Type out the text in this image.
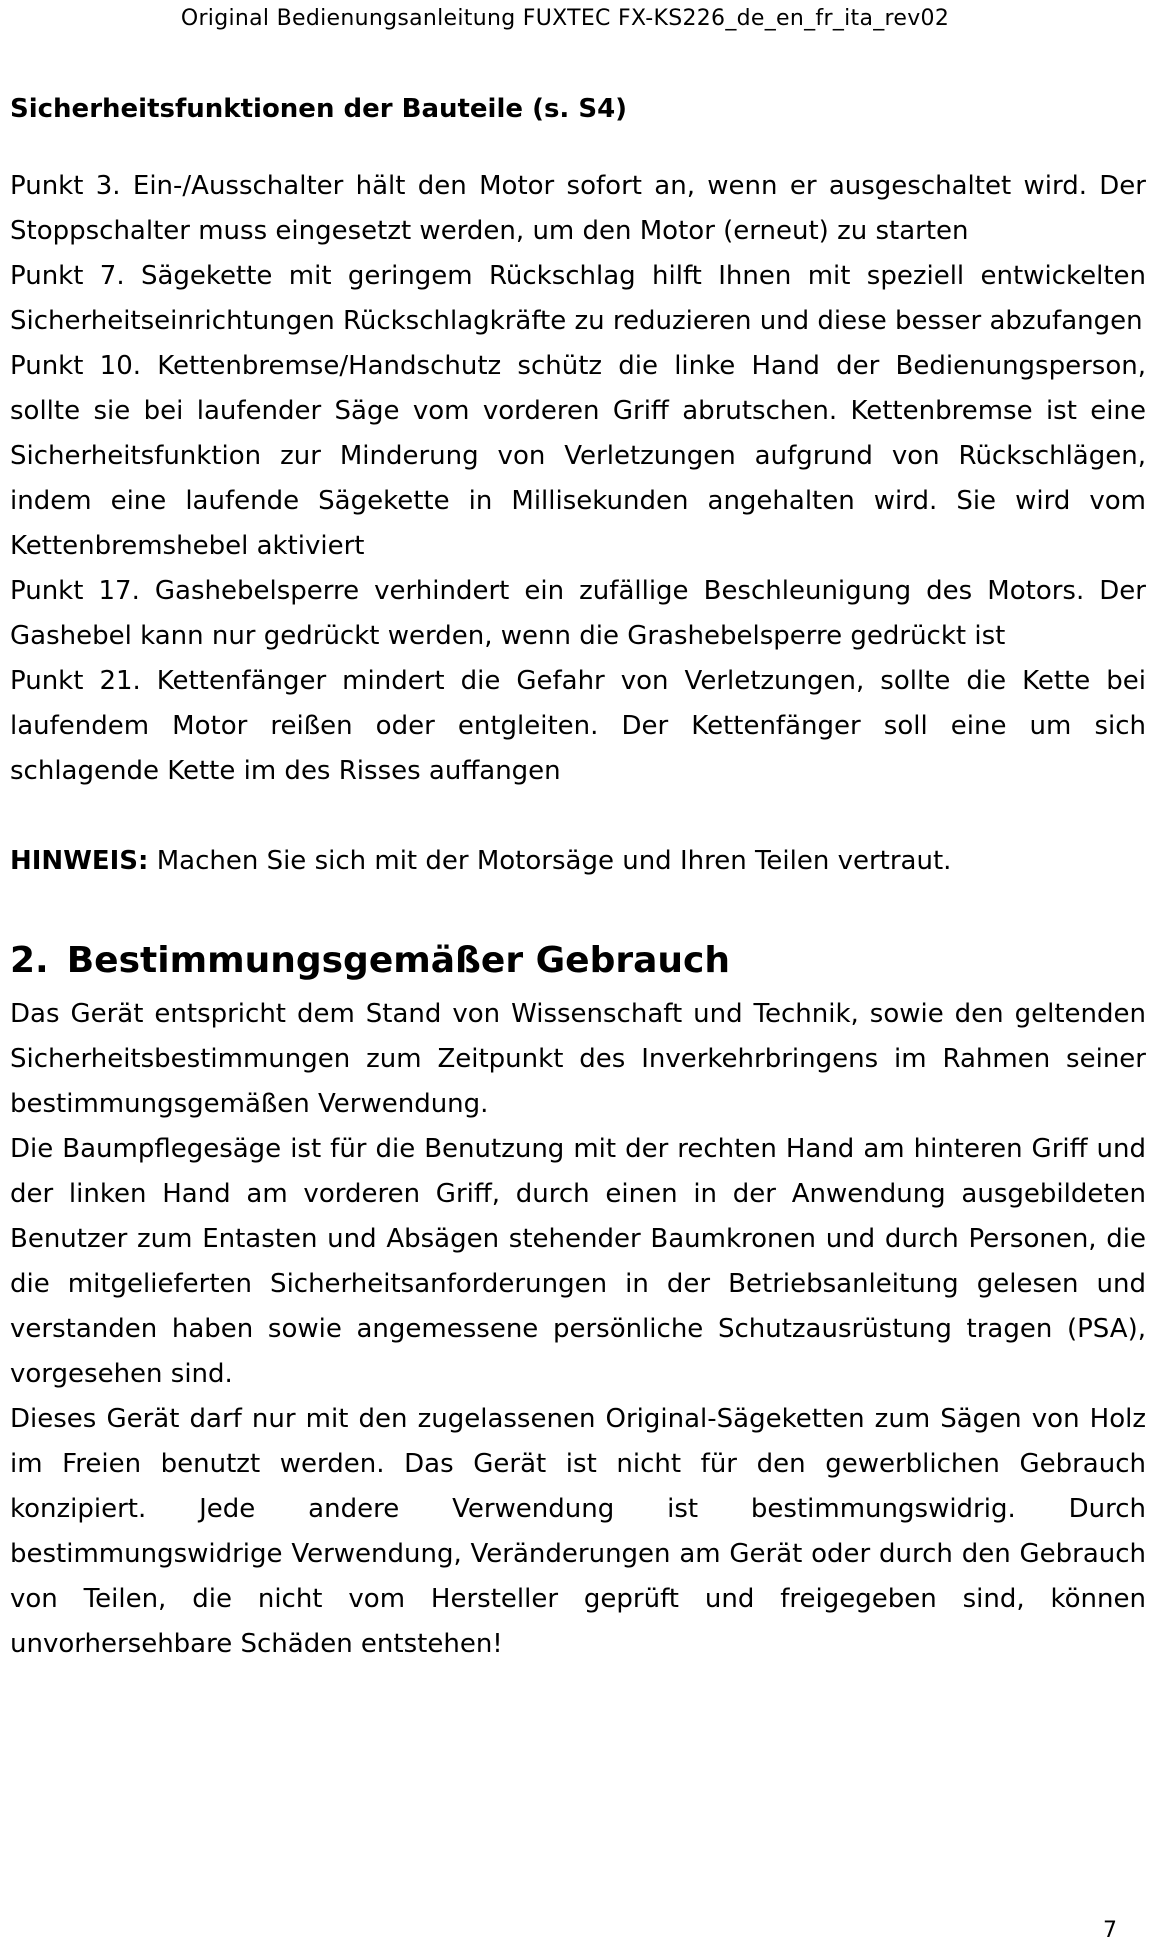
Original Bedienungsanleitung FUXTEC FX-KS226_de_en_fr_ita_rev02
Sicherheitsfunktionen der Bauteile (s. S4)

Punkt 3. Ein-/Ausschalter hält den Motor sofort an, wenn er ausgeschaltet wird. Der Stoppschalter muss eingesetzt werden, um den Motor (erneut) zu starten

Punkt 7. Sägekette mit geringem Rückschlag hilft Ihnen mit speziell entwickelten Sicherheitseinrichtungen Rückschlagkräfte zu reduzieren und diese besser abzufangen

Punkt 10. Kettenbremse/Handschutz schütz die linke Hand der Bedienungsperson, sollte sie bei laufender Säge vom vorderen Griff abrutschen. Kettenbremse ist eine Sicherheitsfunktion zur Minderung von Verletzungen aufgrund von Rückschlägen, indem eine laufende Sägekette in Millisekunden angehalten wird. Sie wird vom Kettenbremshebel aktiviert

Punkt 17. Gashebelsperre verhindert ein zufällige Beschleunigung des Motors. Der Gashebel kann nur gedrückt werden, wenn die Grashebelsperre gedrückt ist

Punkt 21. Kettenfänger mindert die Gefahr von Verletzungen, sollte die Kette bei laufendem Motor reißen oder entgleiten. Der Kettenfänger soll eine um sich schlagende Kette im des Risses auffangen

HINWEIS: Machen Sie sich mit der Motorsäge und Ihren Teilen vertraut.

2. Bestimmungsgemäßer Gebrauch

Das Gerät entspricht dem Stand von Wissenschaft und Technik, sowie den geltenden Sicherheitsbestimmungen zum Zeitpunkt des Inverkehrbringens im Rahmen seiner bestimmungsgemäßen Verwendung.

Die Baumpflegesäge ist für die Benutzung mit der rechten Hand am hinteren Griff und der linken Hand am vorderen Griff, durch einen in der Anwendung ausgebildeten Benutzer zum Entasten und Absägen stehender Baumkronen und durch Personen, die die mitgelieferten Sicherheitsanforderungen in der Betriebsanleitung gelesen und verstanden haben sowie angemessene persönliche Schutzausrüstung tragen (PSA), vorgesehen sind.

Dieses Gerät darf nur mit den zugelassenen Original-Sägeketten zum Sägen von Holz im Freien benutzt werden. Das Gerät ist nicht für den gewerblichen Gebrauch konzipiert. Jede andere Verwendung ist bestimmungswidrig. Durch bestimmungswidrige Verwendung, Veränderungen am Gerät oder durch den Gebrauch von Teilen, die nicht vom Hersteller geprüft und freigegeben sind, können unvorhersehbare Schäden entstehen!

7
